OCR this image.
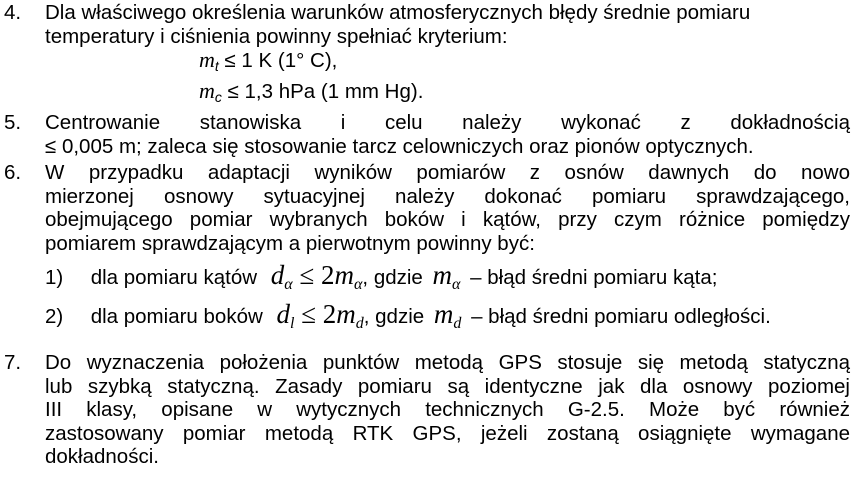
4.	Dla właściwego określenia warunków atmosferycznych błędy średnie pomiaru
temperatury i ciśnienia powinny spełniać kryterium:
$m_t \le 1$ K (1° C),
$m_c \le 1,3$ hPa (1 mm Hg).
5.	Centrowanie stanowiska i celu należy wykonać z dokładnością
≤ 0,005 m; zaleca się stosowanie tarcz celowniczych oraz pionów optycznych.
6.	W przypadku adaptacji wyników pomiarów z osnów dawnych do nowo
mierzonej osnowy sytuacyjnej należy dokonać pomiaru sprawdzającego,
obejmującego pomiar wybranych boków i kątów, przy czym różnice pomiędzy
pomiarem sprawdzającym a pierwotnym powinny być:
1) dla pomiaru kątów $d_\alpha \le 2m_\alpha$, gdzie $m_\alpha$ – błąd średni pomiaru kąta;
2) dla pomiaru boków $d_l \le 2m_d$, gdzie $m_d$ – błąd średni pomiaru odległości.
7.	Do wyznaczenia położenia punktów metodą GPS stosuje się metodą statyczną
lub szybką statyczną. Zasady pomiaru są identyczne jak dla osnowy poziomej
III klasy, opisane w wytycznych technicznych G-2.5. Może być również
zastosowany pomiar metodą RTK GPS, jeżeli zostaną osiągnięte wymagane
dokładności.
